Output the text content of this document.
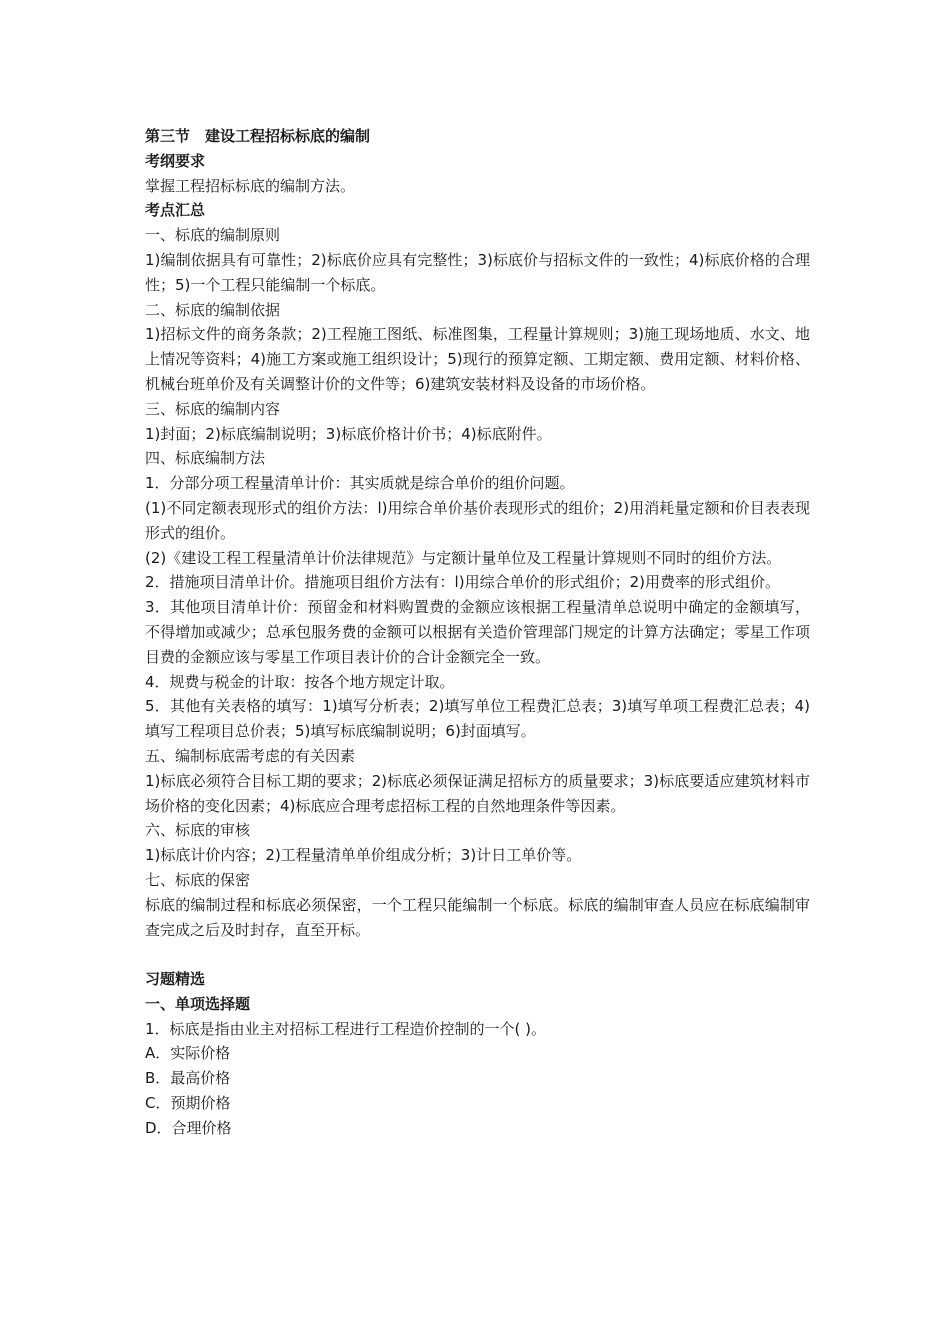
第三节　建设工程招标标底的编制

考纲要求

掌握工程招标标底的编制方法。

考点汇总

一、标底的编制原则

1)编制依据具有可靠性；2)标底价应具有完整性；3)标底价与招标文件的一致性；4)标底价格的合理性；5)一个工程只能编制一个标底。

二、标底的编制依据

1)招标文件的商务条款；2)工程施工图纸、标准图集，工程量计算规则；3)施工现场地质、水文、地上情况等资料；4)施工方案或施工组织设计；5)现行的预算定额、工期定额、费用定额、材料价格、机械台班单价及有关调整计价的文件等；6)建筑安装材料及设备的市场价格。

三、标底的编制内容

1)封面；2)标底编制说明；3)标底价格计价书；4)标底附件。

四、标底编制方法

1．分部分项工程量清单计价：其实质就是综合单价的组价问题。

(1)不同定额表现形式的组价方法：l)用综合单价基价表现形式的组价；2)用消耗量定额和价目表表现形式的组价。

(2)《建设工程工程量清单计价法律规范》与定额计量单位及工程量计算规则不同时的组价方法。

2．措施项目清单计价。措施项目组价方法有：l)用综合单价的形式组价；2)用费率的形式组价。

3．其他项目清单计价：预留金和材料购置费的金额应该根据工程量清单总说明中确定的金额填写，不得增加或减少；总承包服务费的金额可以根据有关造价管理部门规定的计算方法确定；零星工作项目费的金额应该与零星工作项目表计价的合计金额完全一致。

4．规费与税金的计取：按各个地方规定计取。

5．其他有关表格的填写：1)填写分析表；2)填写单位工程费汇总表；3)填写单项工程费汇总表；4)填写工程项目总价表；5)填写标底编制说明；6)封面填写。

五、编制标底需考虑的有关因素

1)标底必须符合目标工期的要求；2)标底必须保证满足招标方的质量要求；3)标底要适应建筑材料市场价格的变化因素；4)标底应合理考虑招标工程的自然地理条件等因素。

六、标底的审核

1)标底计价内容；2)工程量清单单价组成分析；3)计日工单价等。

七、标底的保密

标底的编制过程和标底必须保密，一个工程只能编制一个标底。标底的编制审查人员应在标底编制审查完成之后及时封存，直至开标。

习题精选

一、单项选择题

1．标底是指由业主对招标工程进行工程造价控制的一个( )。

A．实际价格

B．最高价格

C．预期价格

D．合理价格
